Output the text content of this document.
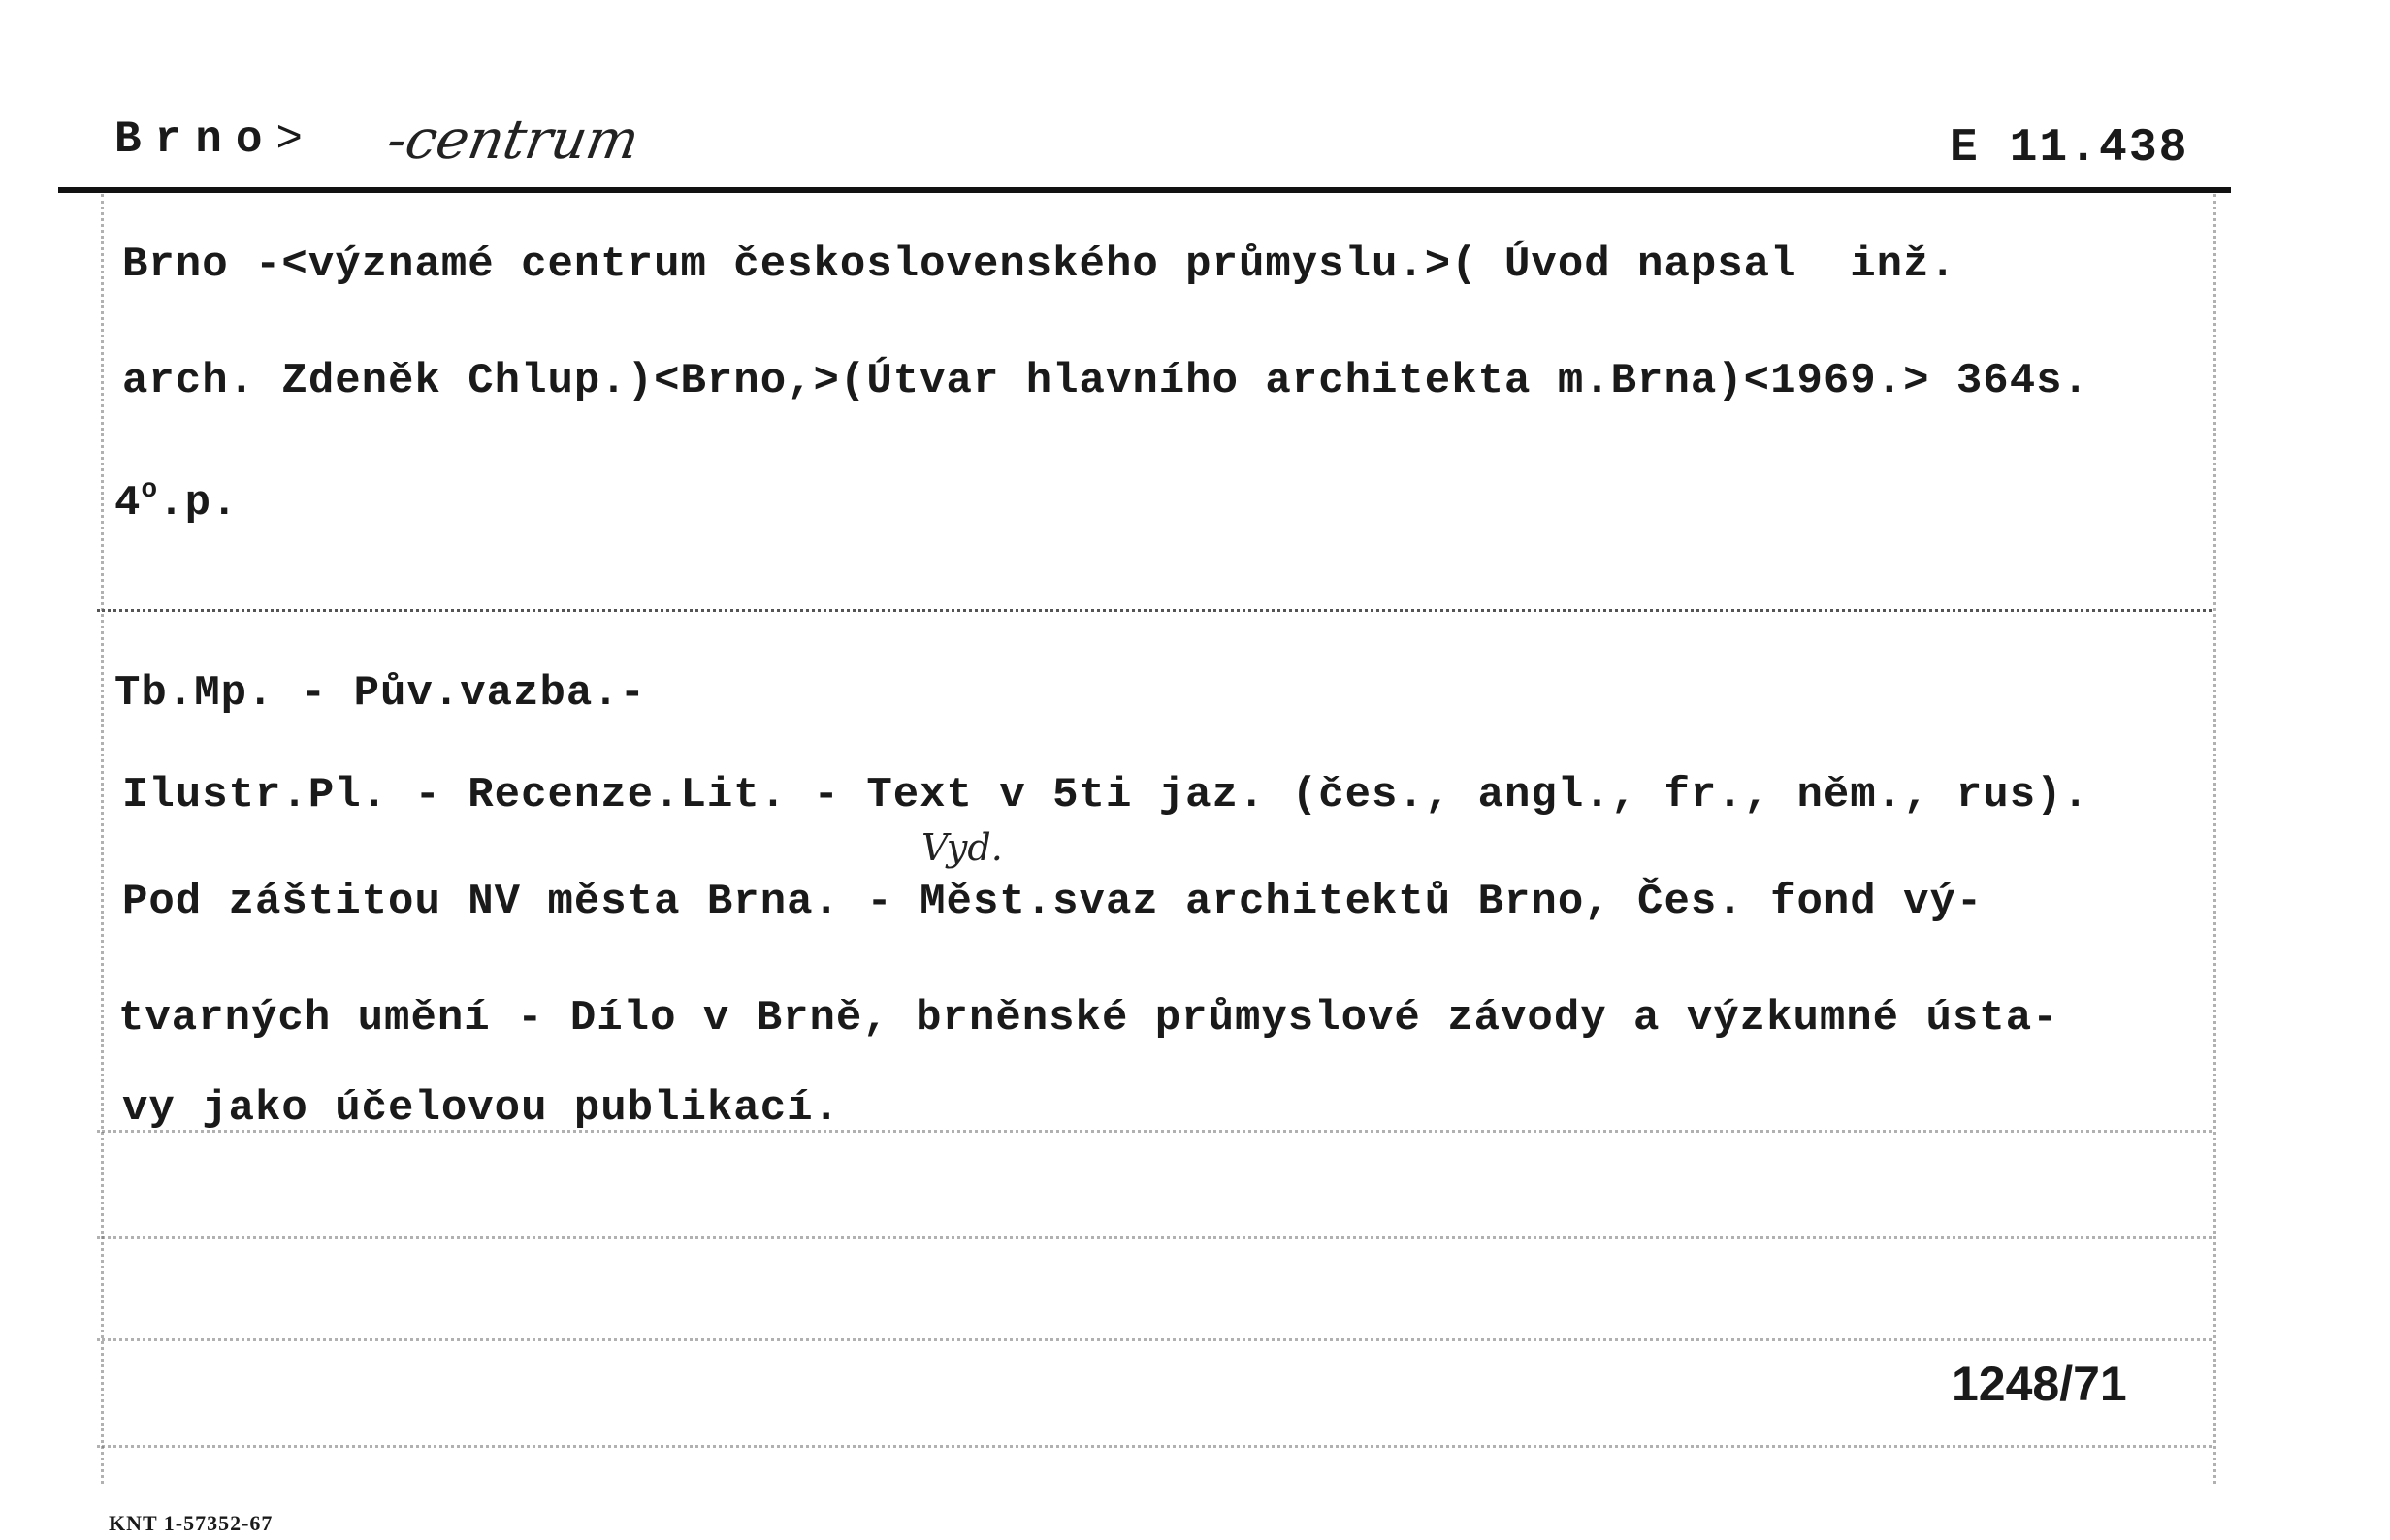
Brno> -centrum	E 11.438
Brno -<významé centrum československého průmyslu.>( Úvod napsal  inž.
arch. Zdeněk Chlup.)<Brno,>(Útvar hlavního architekta m.Brna)<1969.> 364s.
4$^o$.p.
Tb.Mp. - Pův.vazba.-
Ilustr.Pl. - Recenze.Lit. - Text v 5ti jaz. (čes., angl., fr., něm., rus).
Pod záštitou NV města Brna. - Měst.svaz architektů Brno, Čes. fond vý-
Vyd.
tvarných umění - Dílo v Brně, brněnské průmyslové závody a výzkumné ústa-
vy jako účelovou publikací.
1248/71
KNT 1-57352-67
